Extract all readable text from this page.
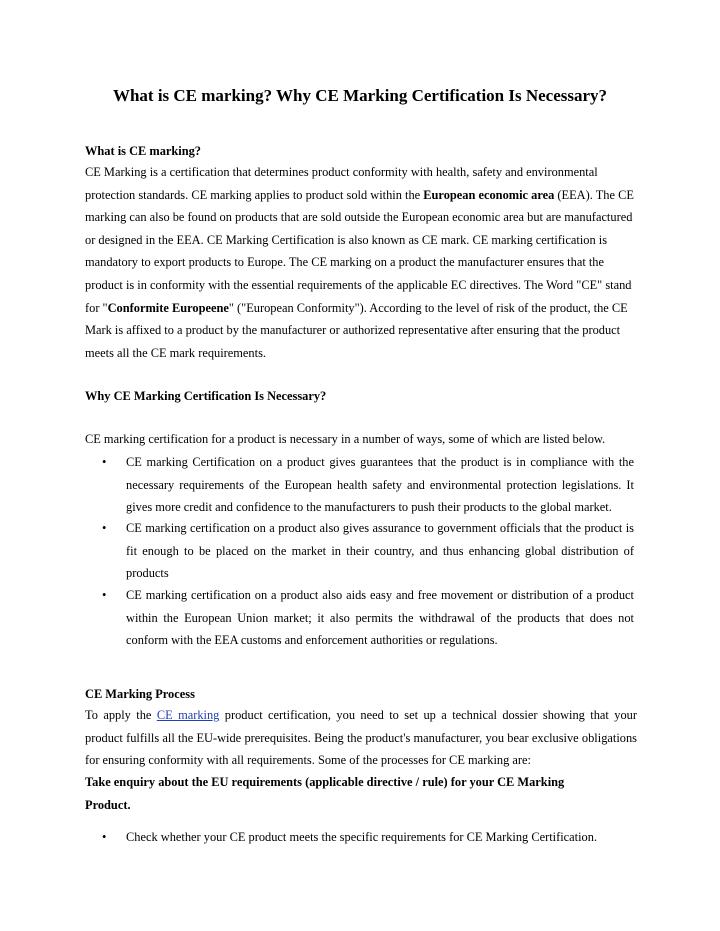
What is CE marking? Why CE Marking Certification Is Necessary?
What is CE marking?
CE Marking is a certification that determines product conformity with health, safety and environmental protection standards. CE marking applies to product sold within the European economic area (EEA). The CE marking can also be found on products that are sold outside the European economic area but are manufactured or designed in the EEA. CE Marking Certification is also known as CE mark. CE marking certification is mandatory to export products to Europe. The CE marking on a product the manufacturer ensures that the product is in conformity with the essential requirements of the applicable EC directives. The Word "CE" stand for "Conformite Europeene" ("European Conformity"). According to the level of risk of the product, the CE Mark is affixed to a product by the manufacturer or authorized representative after ensuring that the product meets all the CE mark requirements.
Why CE Marking Certification Is Necessary?
CE marking certification for a product is necessary in a number of ways, some of which are listed below.
• CE marking Certification on a product gives guarantees that the product is in compliance with the necessary requirements of the European health safety and environmental protection legislations. It gives more credit and confidence to the manufacturers to push their products to the global market.
• CE marking certification on a product also gives assurance to government officials that the product is fit enough to be placed on the market in their country, and thus enhancing global distribution of products
• CE marking certification on a product also aids easy and free movement or distribution of a product within the European Union market; it also permits the withdrawal of the products that does not conform with the EEA customs and enforcement authorities or regulations.
CE Marking Process
To apply the CE marking product certification, you need to set up a technical dossier showing that your product fulfills all the EU-wide prerequisites. Being the product's manufacturer, you bear exclusive obligations for ensuring conformity with all requirements. Some of the processes for CE marking are:
Take enquiry about the EU requirements (applicable directive / rule) for your CE Marking Product.
• Check whether your CE product meets the specific requirements for CE Marking Certification.
